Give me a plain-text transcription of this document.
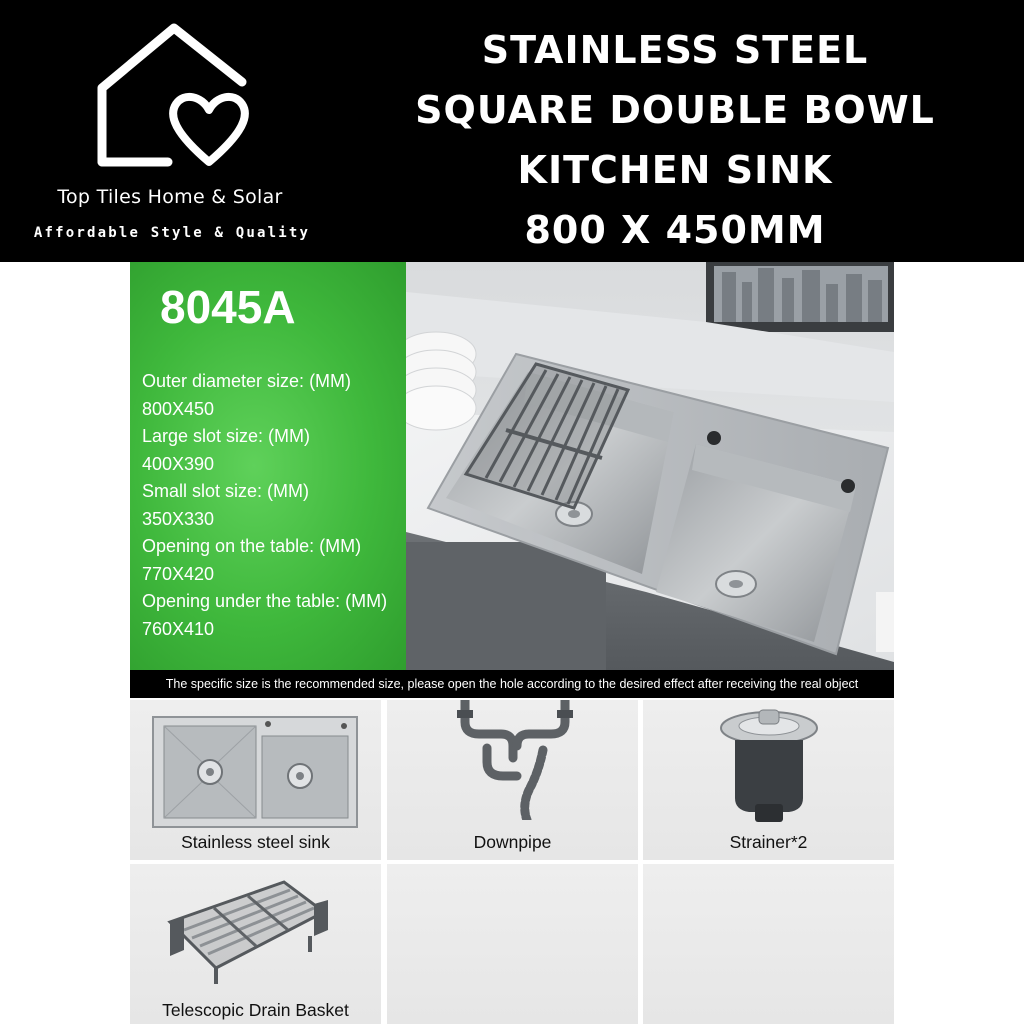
Top Tiles Home & Solar
Affordable Style & Quality
STAINLESS STEEL
SQUARE DOUBLE BOWL
KITCHEN SINK
800 X 450MM
8045A
Outer diameter size: (MM)
800X450
Large slot size: (MM)
400X390
Small slot size: (MM)
350X330
Opening on the table: (MM)
770X420
Opening under the table: (MM)
760X410
The specific size is the recommended size, please open the hole according to the desired effect after receiving the real object
Stainless steel sink	Downpipe	Strainer*2
Telescopic Drain Basket
